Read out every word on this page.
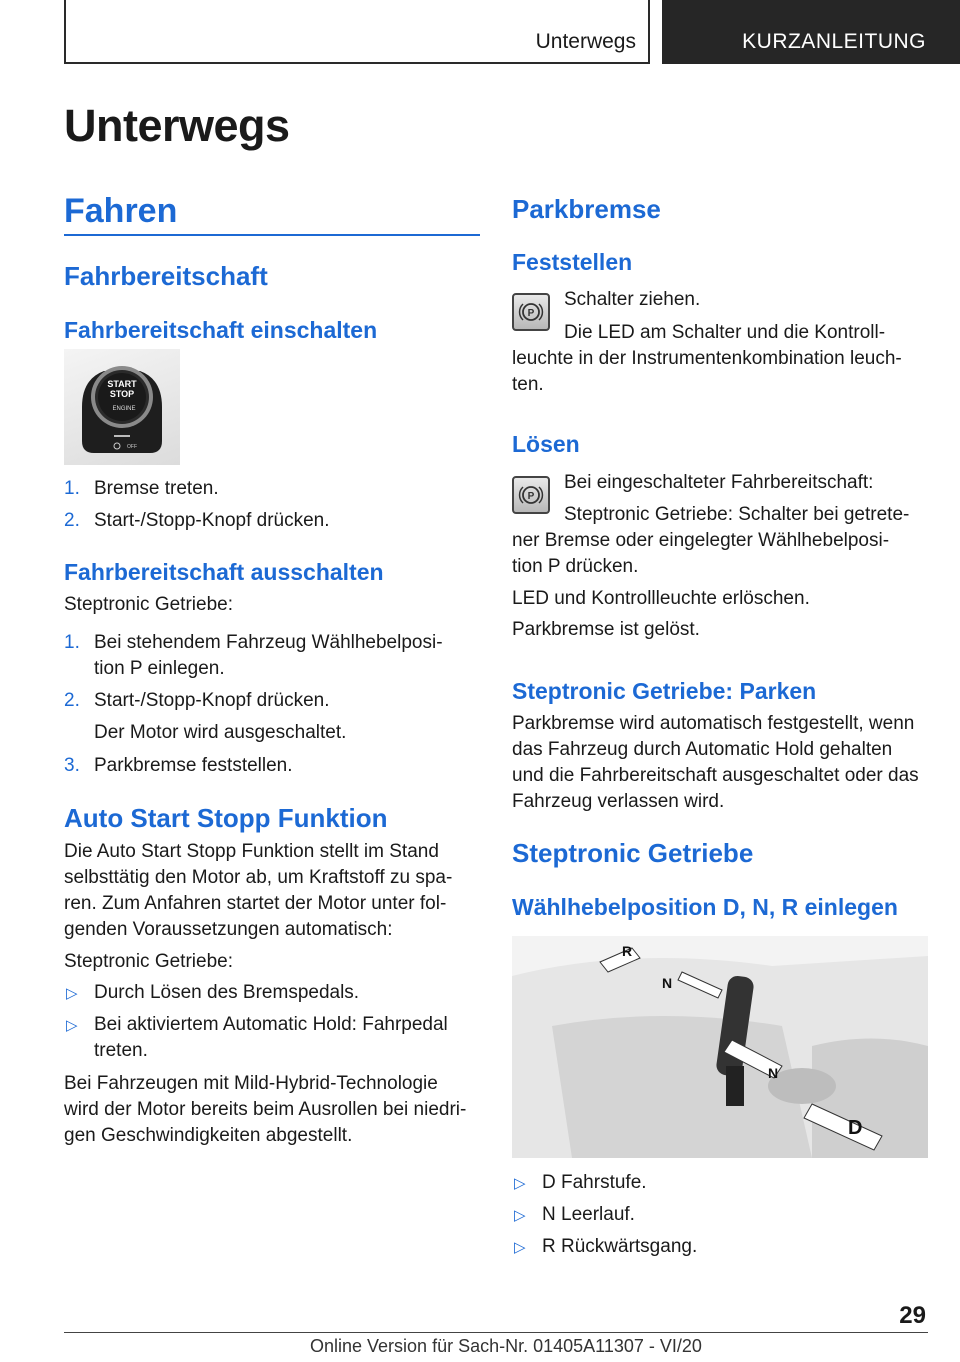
Unterwegs	KURZANLEITUNG
Unterwegs
Fahren
Fahrbereitschaft
Fahrbereitschaft einschalten
START
STOP
ENGINE
OFF
1. Bremse treten.

2. Start-/Stopp-Knopf drücken.

Fahrbereitschaft ausschalten

Steptronic Getriebe:

1. Bei stehendem Fahrzeug Wählhebelposi-

tion P einlegen.

2. Start-/Stopp-Knopf drücken.

Der Motor wird ausgeschaltet.

3. Parkbremse feststellen.

Auto Start Stopp Funktion

Die Auto Start Stopp Funktion stellt im Stand

selbsttätig den Motor ab, um Kraftstoff zu spa-

ren. Zum Anfahren startet der Motor unter fol-

genden Voraussetzungen automatisch:

Steptronic Getriebe:

▷ Durch Lösen des Bremspedals.

▷ Bei aktiviertem Automatic Hold: Fahrpedal

treten.

Bei Fahrzeugen mit Mild-Hybrid-Technologie

wird der Motor bereits beim Ausrollen bei niedri-

gen Geschwindigkeiten abgestellt.

Parkbremse
Feststellen
P

Schalter ziehen.

Die LED am Schalter und die Kontroll-

leuchte in der Instrumentenkombination leuch-

ten.

Lösen
P

Bei eingeschalteter Fahrbereitschaft:

Steptronic Getriebe: Schalter bei getrete-

ner Bremse oder eingelegter Wählhebelposi-

tion P drücken.

LED und Kontrollleuchte erlöschen.

Parkbremse ist gelöst.

Steptronic Getriebe: Parken

Parkbremse wird automatisch festgestellt, wenn

das Fahrzeug durch Automatic Hold gehalten

und die Fahrbereitschaft ausgeschaltet oder das

Fahrzeug verlassen wird.

Steptronic Getriebe
Wählhebelposition D, N, R einlegen
R
N
N
D
▷ D Fahrstufe.

▷ N Leerlauf.

▷ R Rückwärtsgang.

29
Online Version für Sach-Nr. 01405A11307 - VI/20
